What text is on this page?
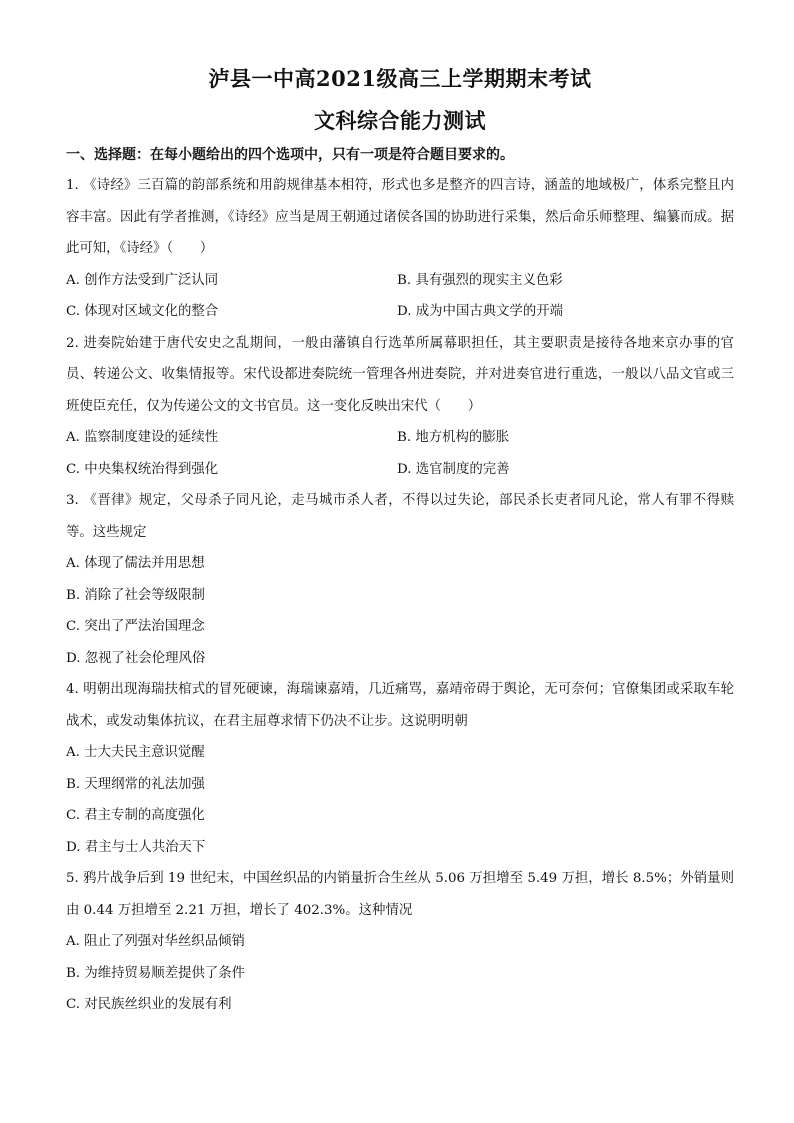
泸县一中高2021级高三上学期期末考试
文科综合能力测试
一、选择题：在每小题给出的四个选项中，只有一项是符合题目要求的。

1. 《诗经》三百篇的韵部系统和用韵规律基本相符，形式也多是整齐的四言诗，涵盖的地域极广，体系完整且内容丰富。因此有学者推测，《诗经》应当是周王朝通过诸侯各国的协助进行采集，然后命乐师整理、编纂而成。据此可知，《诗经》（　　）

A. 创作方法受到广泛认同	B. 具有强烈的现实主义色彩
C. 体现对区域文化的整合	D. 成为中国古典文学的开端

2. 进奏院始建于唐代安史之乱期间，一般由藩镇自行选革所属幕职担任，其主要职责是接待各地来京办事的官员、转递公文、收集情报等。宋代设都进奏院统一管理各州进奏院，并对进奏官进行重选，一般以八品文官或三班使臣充任，仅为传递公文的文书官员。这一变化反映出宋代（　　）

A. 监察制度建设的延续性	B. 地方机构的膨胀
C. 中央集权统治得到强化	D. 选官制度的完善

3. 《晋律》规定，父母杀子同凡论，走马城市杀人者，不得以过失论，部民杀长吏者同凡论，常人有罪不得赎等。这些规定

A. 体现了儒法并用思想
B. 消除了社会等级限制
C. 突出了严法治国理念
D. 忽视了社会伦理风俗

4. 明朝出现海瑞扶棺式的冒死硬谏，海瑞谏嘉靖，几近痛骂，嘉靖帝碍于舆论，无可奈何；官僚集团或采取车轮战术，或发动集体抗议，在君主屈尊求情下仍决不让步。这说明明朝

A. 士大夫民主意识觉醒
B. 天理纲常的礼法加强
C. 君主专制的高度强化
D. 君主与士人共治天下

5. 鸦片战争后到 19 世纪末，中国丝织品的内销量折合生丝从 5.06 万担增至 5.49 万担，增长 8.5%；外销量则由 0.44 万担增至 2.21 万担，增长了 402.3%。这种情况

A. 阻止了列强对华丝织品倾销
B. 为维持贸易顺差提供了条件
C. 对民族丝织业的发展有利
